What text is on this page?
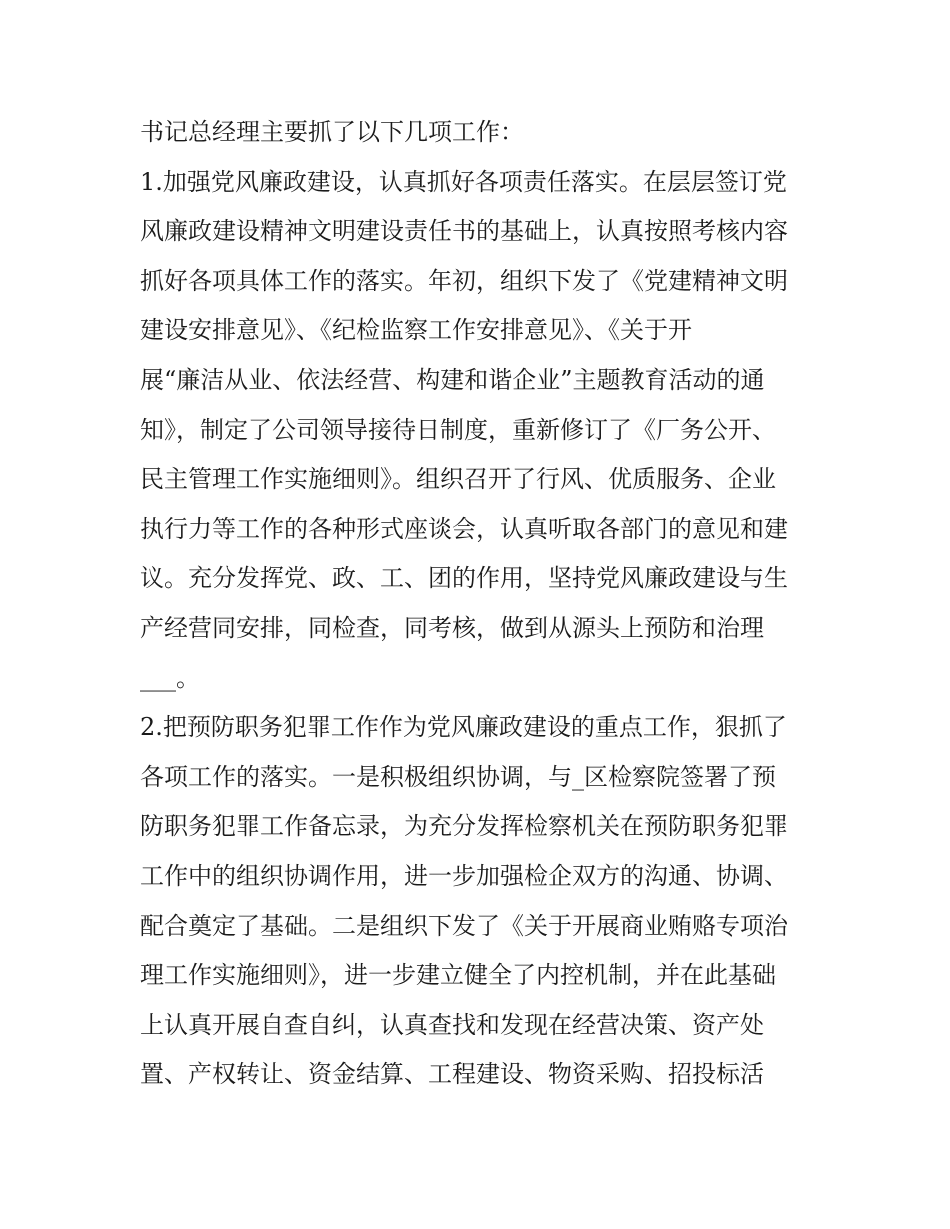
书记总经理主要抓了以下几项工作：
1.加强党风廉政建设，认真抓好各项责任落实。在层层签订党
风廉政建设精神文明建设责任书的基础上，认真按照考核内容
抓好各项具体工作的落实。年初，组织下发了《党建精神文明
建设安排意见》、《纪检监察工作安排意见》、《关于开
展“廉洁从业、依法经营、构建和谐企业”主题教育活动的通
知》，制定了公司领导接待日制度，重新修订了《厂务公开、
民主管理工作实施细则》。组织召开了行风、优质服务、企业
执行力等工作的各种形式座谈会，认真听取各部门的意见和建
议。充分发挥党、政、工、团的作用，坚持党风廉政建设与生
产经营同安排，同检查，同考核，做到从源头上预防和治理
___。
2.把预防职务犯罪工作作为党风廉政建设的重点工作，狠抓了
各项工作的落实。一是积极组织协调，与_区检察院签署了预
防职务犯罪工作备忘录，为充分发挥检察机关在预防职务犯罪
工作中的组织协调作用，进一步加强检企双方的沟通、协调、
配合奠定了基础。二是组织下发了《关于开展商业贿赂专项治
理工作实施细则》，进一步建立健全了内控机制，并在此基础
上认真开展自查自纠，认真查找和发现在经营决策、资产处
置、产权转让、资金结算、工程建设、物资采购、招投标活
